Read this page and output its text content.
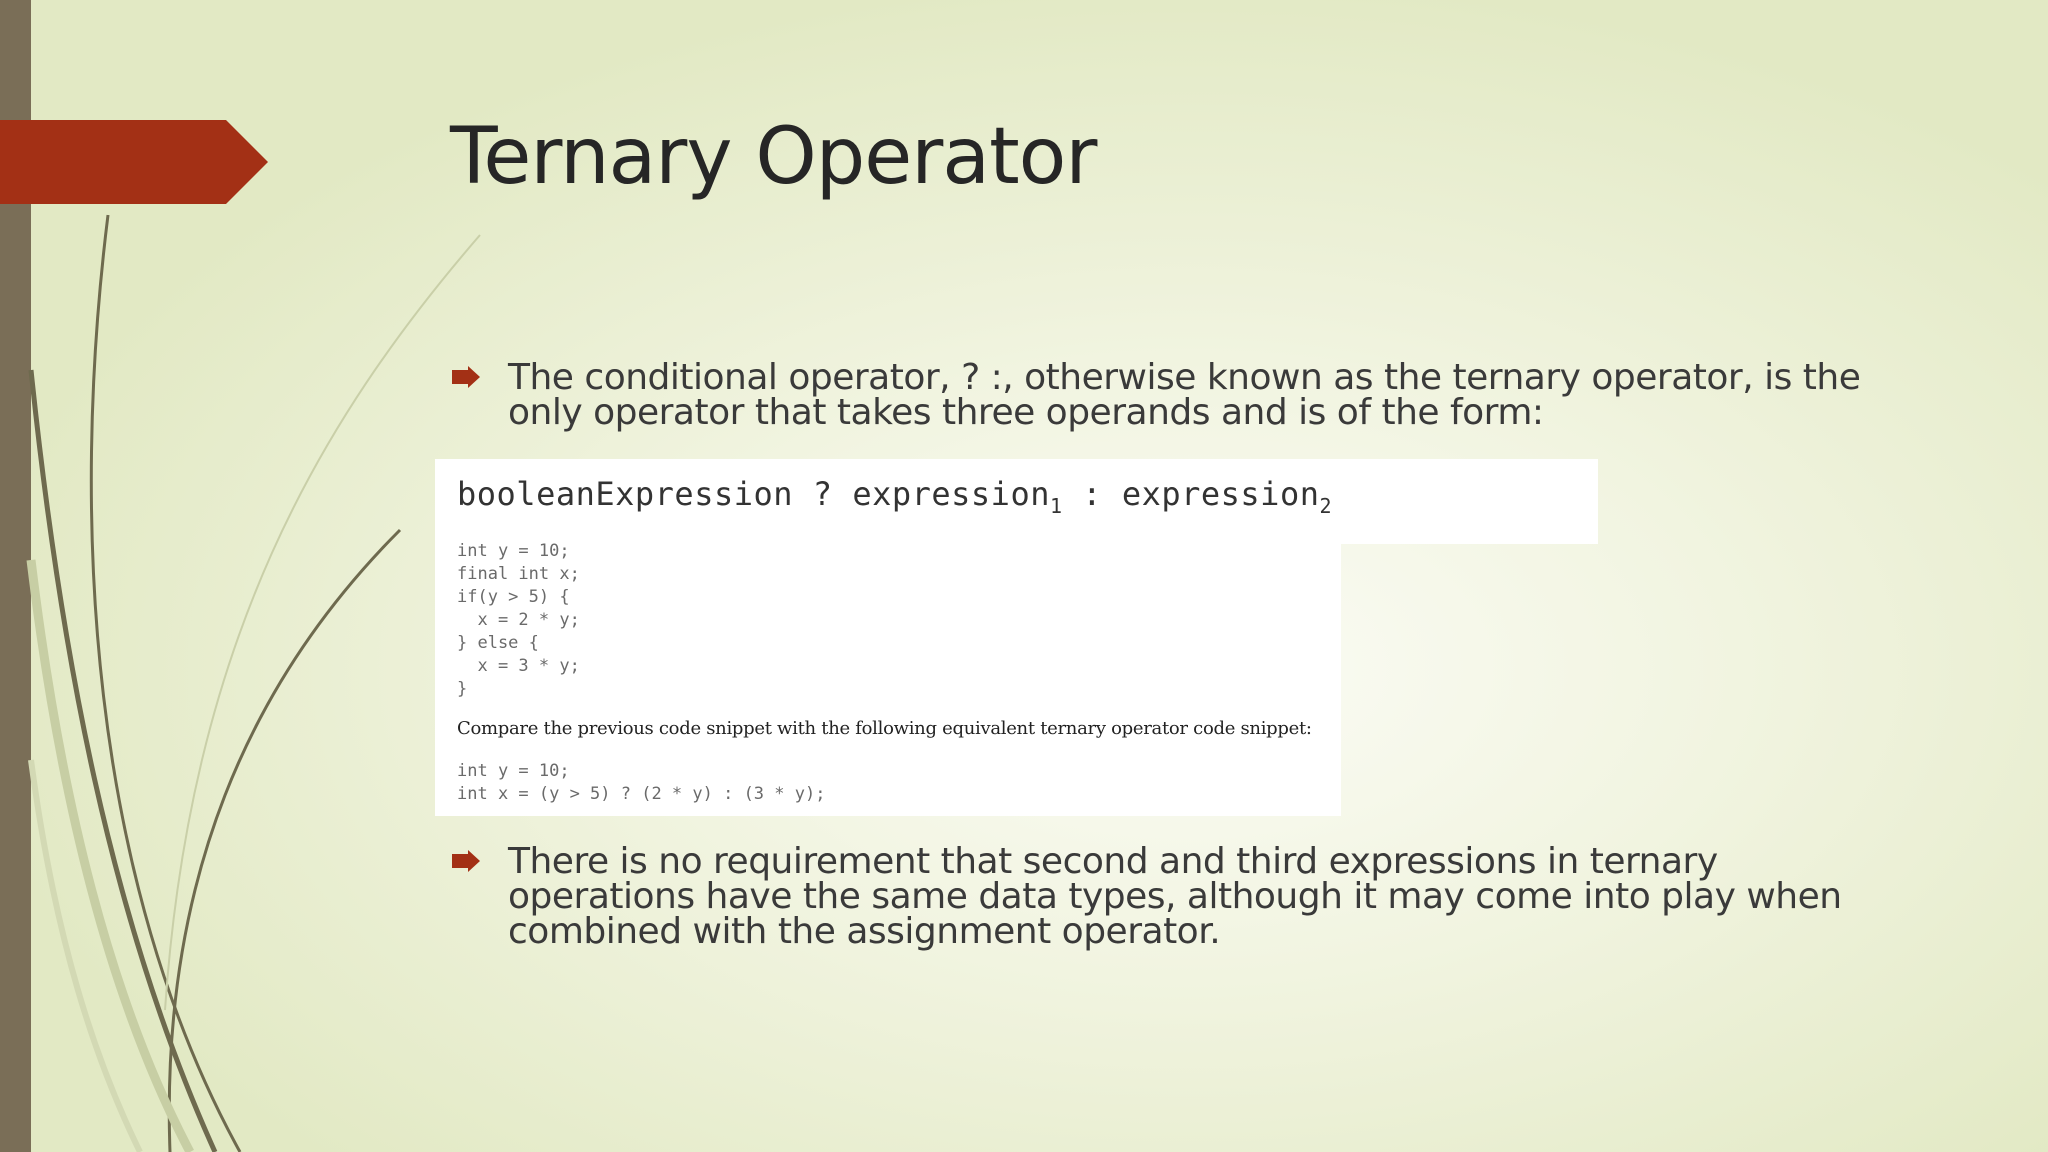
Ternary Operator
The conditional operator, ? :, otherwise known as the ternary operator, is the only operator that takes three operands and is of the form:
booleanExpression ? expression$_1$ : expression$_2$
int y = 10;
final int x;
if(y > 5) {
x = 2 * y;
} else {
x = 3 * y;
}
Compare the previous code snippet with the following equivalent ternary operator code snippet:
int y = 10;
int x = (y > 5) ? (2 * y) : (3 * y);
There is no requirement that second and third expressions in ternary operations have the same data types, although it may come into play when combined with the assignment operator.
